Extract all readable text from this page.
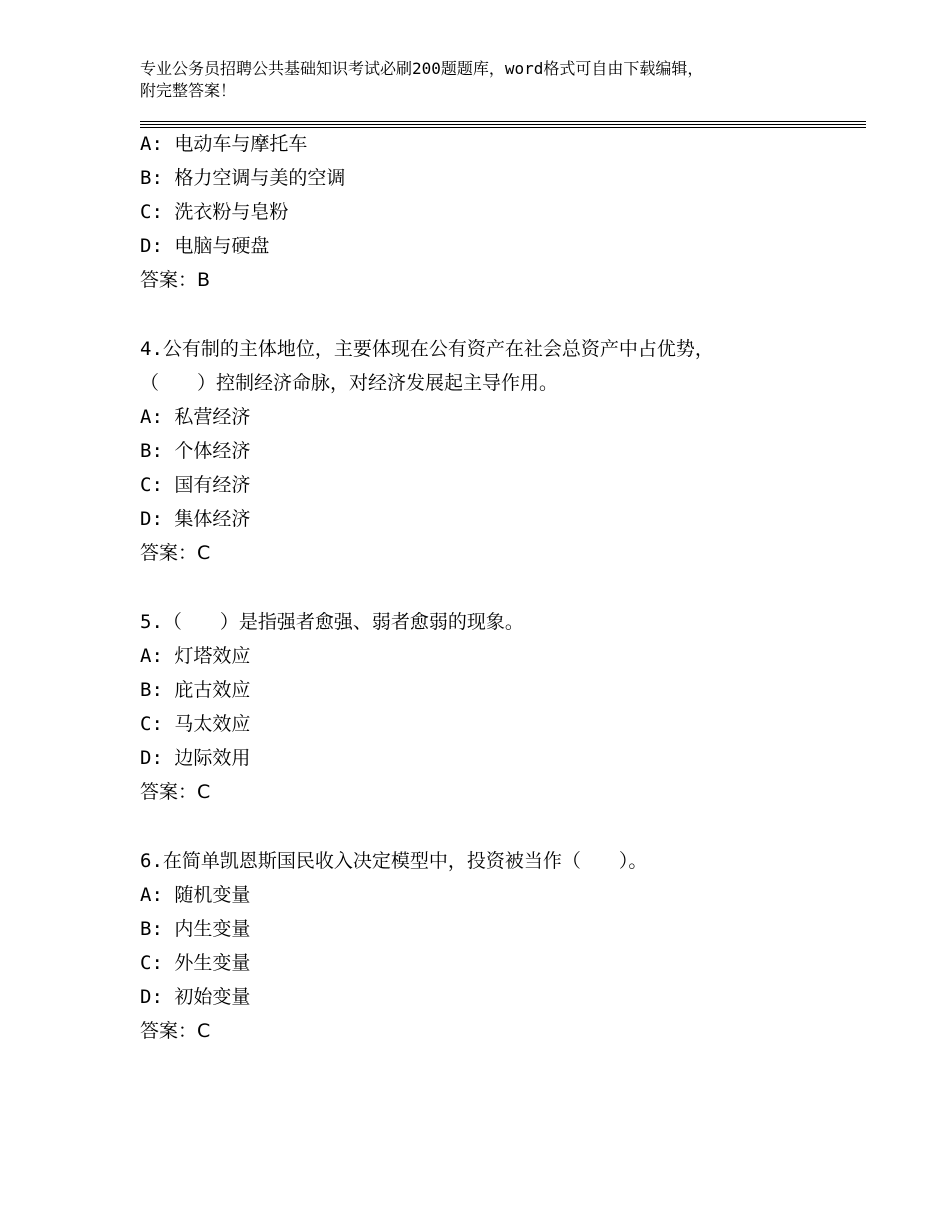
专业公务员招聘公共基础知识考试必刷200题题库，word格式可自由下载编辑，
附完整答案！
A: 电动车与摩托车
B: 格力空调与美的空调
C: 洗衣粉与皂粉
D: 电脑与硬盘
答案：B
4.公有制的主体地位，主要体现在公有资产在社会总资产中占优势，
（　　）控制经济命脉，对经济发展起主导作用。
A: 私营经济
B: 个体经济
C: 国有经济
D: 集体经济
答案：C
5.（　　）是指强者愈强、弱者愈弱的现象。
A: 灯塔效应
B: 庇古效应
C: 马太效应
D: 边际效用
答案：C
6.在简单凯恩斯国民收入决定模型中，投资被当作（　　）。
A: 随机变量
B: 内生变量
C: 外生变量
D: 初始变量
答案：C
